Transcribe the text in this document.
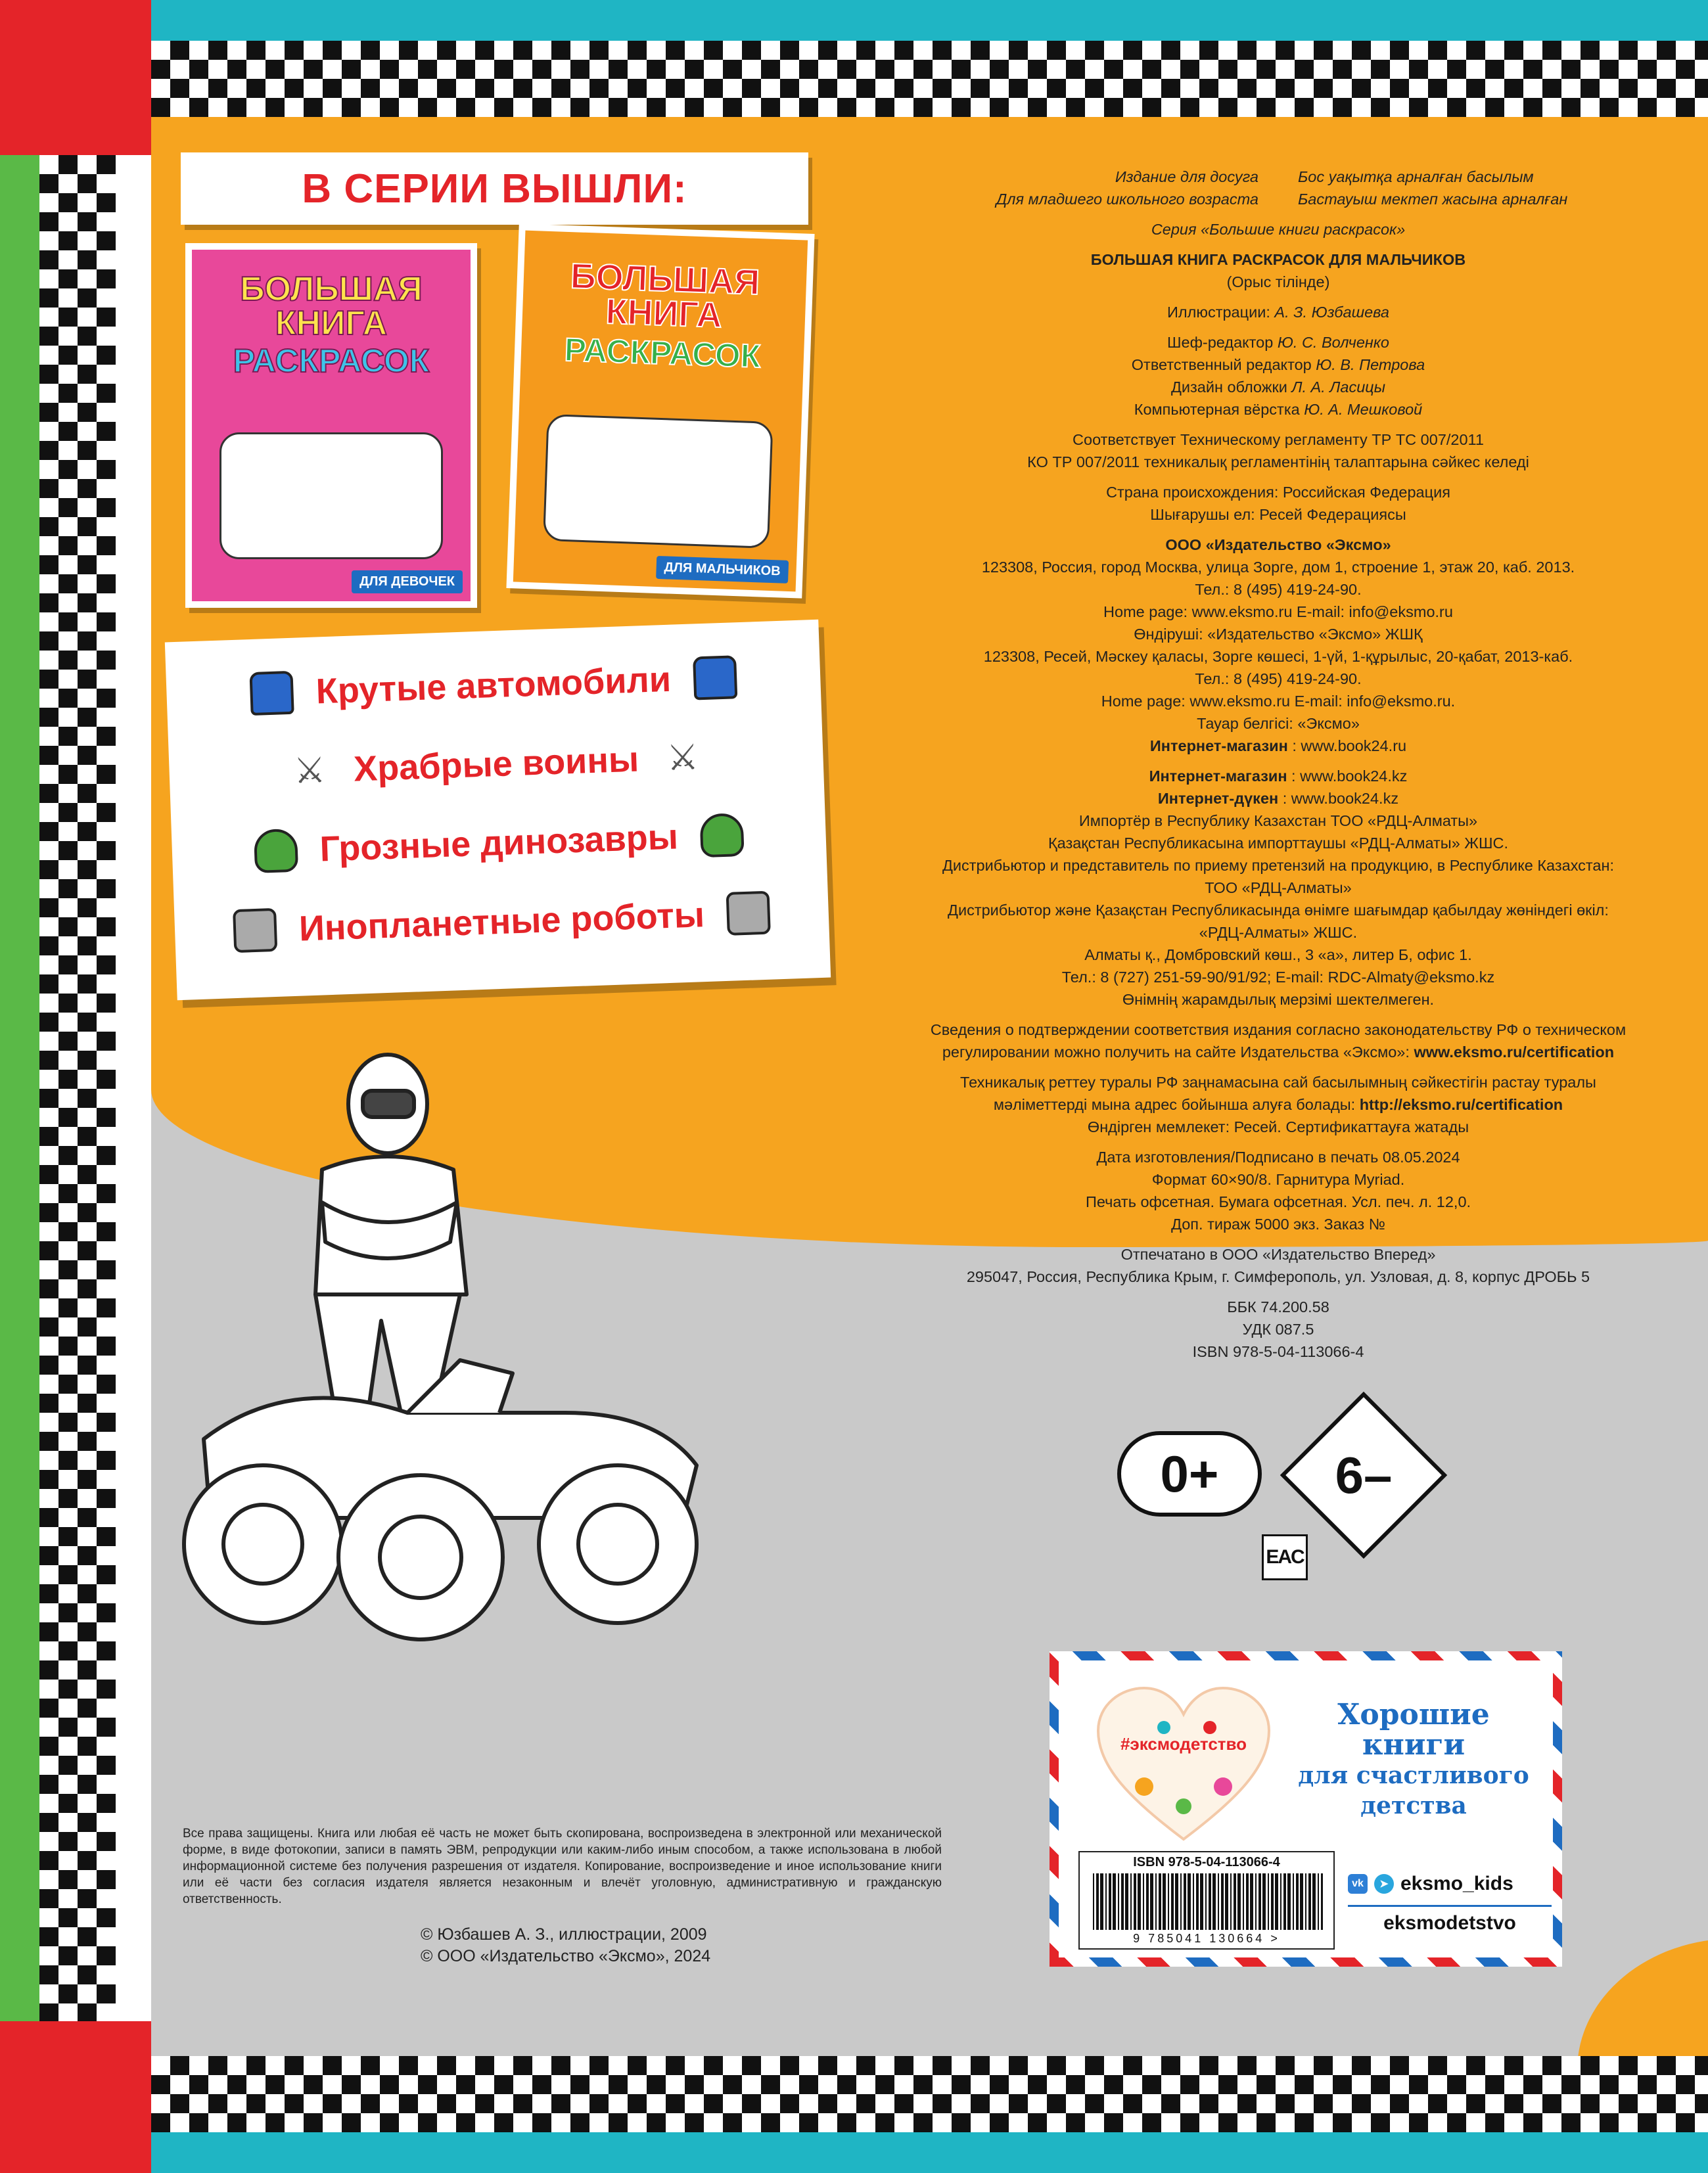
В СЕРИИ ВЫШЛИ:
БОЛЬШАЯ
КНИГА
РАСКРАСОК
ДЛЯ ДЕВОЧЕК
БОЛЬШАЯ
КНИГА
РАСКРАСОК
ДЛЯ МАЛЬЧИКОВ
Крутые автомобили
⚔ Храбрые воины ⚔
Грозные динозавры
Инопланетные роботы
Издание для досуга	Бос уақытқа арналған басылым
Для младшего школьного возраста	Бастауыш мектеп жасына арналған
Серия «Большие книги раскрасок»
БОЛЬШАЯ КНИГА РАСКРАСОК ДЛЯ МАЛЬЧИКОВ
(Орыс тілінде)
Иллюстрации: А. З. Юзбашева
Шеф-редактор Ю. С. Волченко
Ответственный редактор Ю. В. Петрова
Дизайн обложки Л. А. Ласицы
Компьютерная вёрстка Ю. А. Мешковой
Соответствует Техническому регламенту ТР ТС 007/2011
КО ТР 007/2011 техникалық регламентінің талаптарына сәйкес келеді
Страна происхождения: Российская Федерация
Шығарушы ел: Ресей Федерациясы
ООО «Издательство «Эксмо»
123308, Россия, город Москва, улица Зорге, дом 1, строение 1, этаж 20, каб. 2013.
Тел.: 8 (495) 419-24-90.
Home page: www.eksmo.ru E-mail: info@eksmo.ru
Өндіруші: «Издательство «Эксмо» ЖШҚ
123308, Ресей, Мәскеу қаласы, Зорге көшесі, 1-үй, 1-құрылыс, 20-қабат, 2013-каб.
Тел.: 8 (495) 419-24-90.
Home page: www.eksmo.ru E-mail: info@eksmo.ru.
Тауар белгісі: «Эксмо»
Интернет-магазин : www.book24.ru
Интернет-магазин : www.book24.kz
Интернет-дүкен : www.book24.kz
Импортёр в Республику Казахстан ТОО «РДЦ-Алматы»
Қазақстан Республикасына импорттаушы «РДЦ-Алматы» ЖШС.
Дистрибьютор и представитель по приему претензий на продукцию, в Республике Казахстан:
ТОО «РДЦ-Алматы»
Дистрибьютор және Қазақстан Республикасында өнімге шағымдар қабылдау жөніндегі өкіл:
«РДЦ-Алматы» ЖШС.
Алматы қ., Домбровский көш., 3 «а», литер Б, офис 1.
Тел.: 8 (727) 251-59-90/91/92; E-mail: RDC-Almaty@eksmo.kz
Өнімнің жарамдылық мерзімі шектелмеген.
Сведения о подтверждении соответствия издания согласно законодательству РФ о техническом
регулировании можно получить на сайте Издательства «Эксмо»: www.eksmo.ru/certification
Техникалық реттеу туралы РФ заңнамасына сай басылымның сәйкестігін растау туралы
мәліметтерді мына адрес бойынша алуға болады: http://eksmo.ru/certification
Өндірген мемлекет: Ресей. Сертификаттауға жатады
Дата изготовления/Подписано в печать 08.05.2024
Формат 60×90/8. Гарнитура Myriad.
Печать офсетная. Бумага офсетная. Усл. печ. л. 12,0.
Доп. тираж 5000 экз. Заказ №
Отпечатано в ООО «Издательство Вперед»
295047, Россия, Республика Крым, г. Симферополь, ул. Узловая, д. 8, корпус ДРОБЬ 5
ББК 74.200.58
УДК 087.5
ISBN 978-5-04-113066-4
0+	6–
EAC
Все права защищены. Книга или любая её часть не может быть скопирована, воспроизведена в электронной или механической форме, в виде фотокопии, записи в память ЭВМ, репродукции или каким-либо иным способом, а также использована в любой информационной системе без получения разрешения от издателя. Копирование, воспроизведение и иное использование книги или её части без согласия издателя является незаконным и влечёт уголовную, административную и гражданскую ответственность.
© Юзбашев А. З., иллюстрации, 2009
© ООО «Издательство «Эксмо», 2024
#эксмодетство
Хорошие
книги
для счастливого детства
ISBN 978-5-04-113066-4
9 785041 130664 >
vk	➤ eksmo_kids
eksmodetstvo
